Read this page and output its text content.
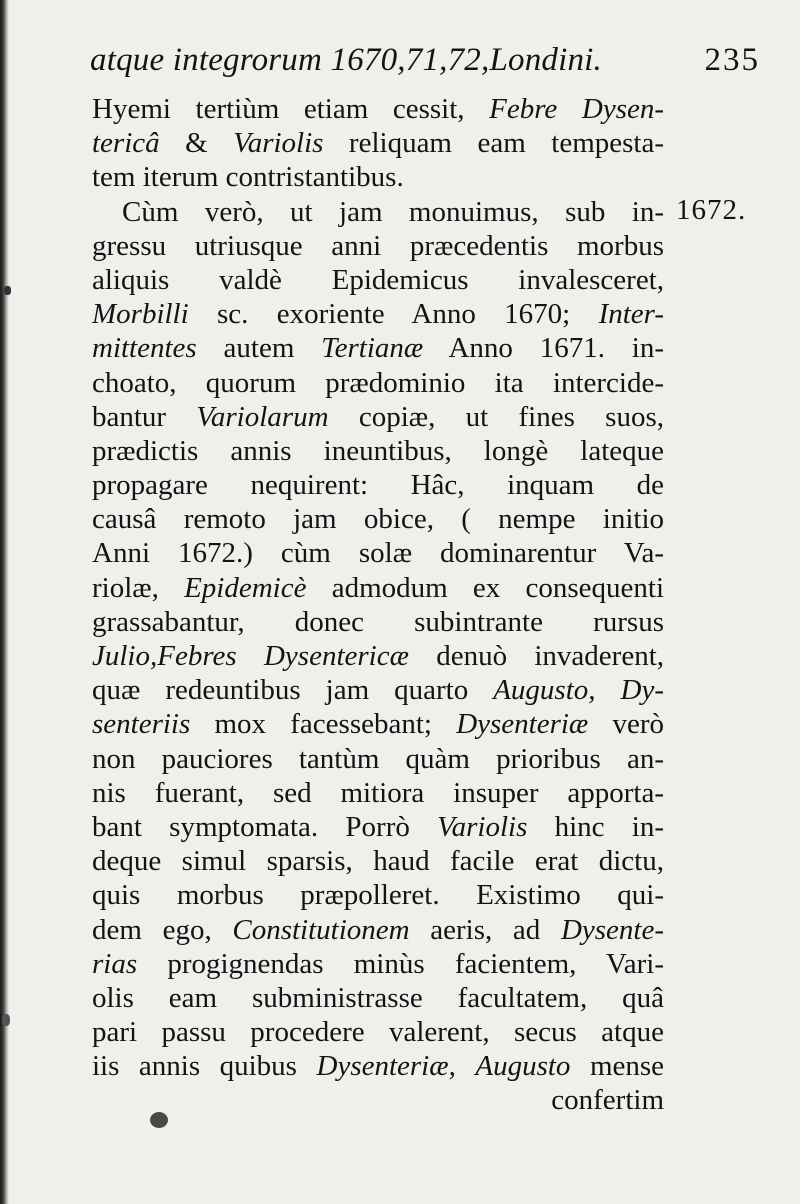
atque integrorum 1670,71,72,Londini.	235
1672.
Hyemi tertiùm etiam cessit, Febre Dysen-
tericâ & Variolis reliquam eam tempesta-
tem iterum contristantibus.
Cùm verò, ut jam monuimus, sub in-
gressu utriusque anni præcedentis morbus
aliquis valdè Epidemicus invalesceret,
Morbilli sc. exoriente Anno 1670; Inter-
mittentes autem Tertianæ Anno 1671. in-
choato, quorum prædominio ita intercide-
bantur Variolarum copiæ, ut fines suos,
prædictis annis ineuntibus, longè lateque
propagare nequirent: Hâc, inquam de
causâ remoto jam obice, ( nempe initio
Anni 1672.) cùm solæ dominarentur Va-
riolæ, Epidemicè admodum ex consequenti
grassabantur, donec subintrante rursus
Julio,Febres Dysentericæ denuò invaderent,
quæ redeuntibus jam quarto Augusto, Dy-
senteriis mox facessebant; Dysenteriæ verò
non pauciores tantùm quàm prioribus an-
nis fuerant, sed mitiora insuper apporta-
bant symptomata. Porrò Variolis hinc in-
deque simul sparsis, haud facile erat dictu,
quis morbus præpolleret. Existimo qui-
dem ego, Constitutionem aeris, ad Dysente-
rias progignendas minùs facientem, Vari-
olis eam subministrasse facultatem, quâ
pari passu procedere valerent, secus atque
iis annis quibus Dysenteriæ, Augusto mense
confertim
